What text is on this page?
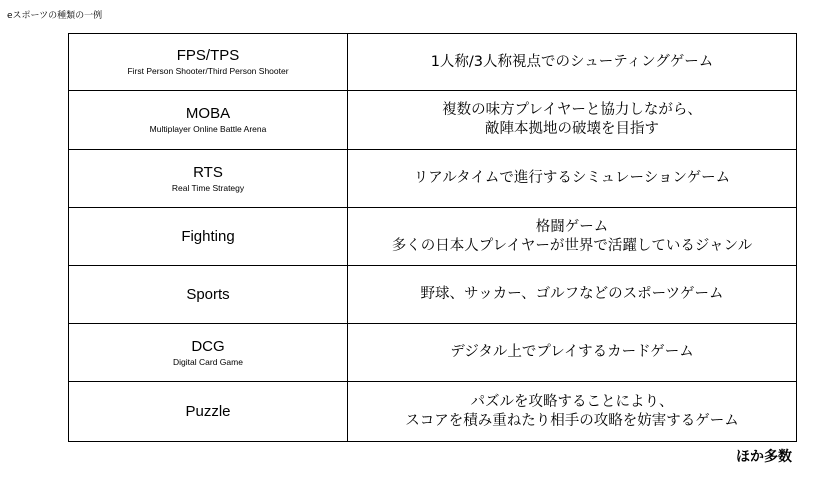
eスポーツの種類の一例
FPS/TPS
First Person Shooter/Third Person Shooter	1人称/3人称視点でのシューティングゲーム

MOBA
Multiplayer Online Battle Arena	複数の味方プレイヤーと協力しながら、
敵陣本拠地の破壊を目指す

RTS
Real Time Strategy	リアルタイムで進行するシミュレーションゲーム

Fighting	格闘ゲーム
多くの日本人プレイヤーが世界で活躍しているジャンル

Sports	野球、サッカー、ゴルフなどのスポーツゲーム

DCG
Digital Card Game	デジタル上でプレイするカードゲーム

Puzzle	パズルを攻略することにより、
スコアを積み重ねたり相手の攻略を妨害するゲーム
ほか多数
